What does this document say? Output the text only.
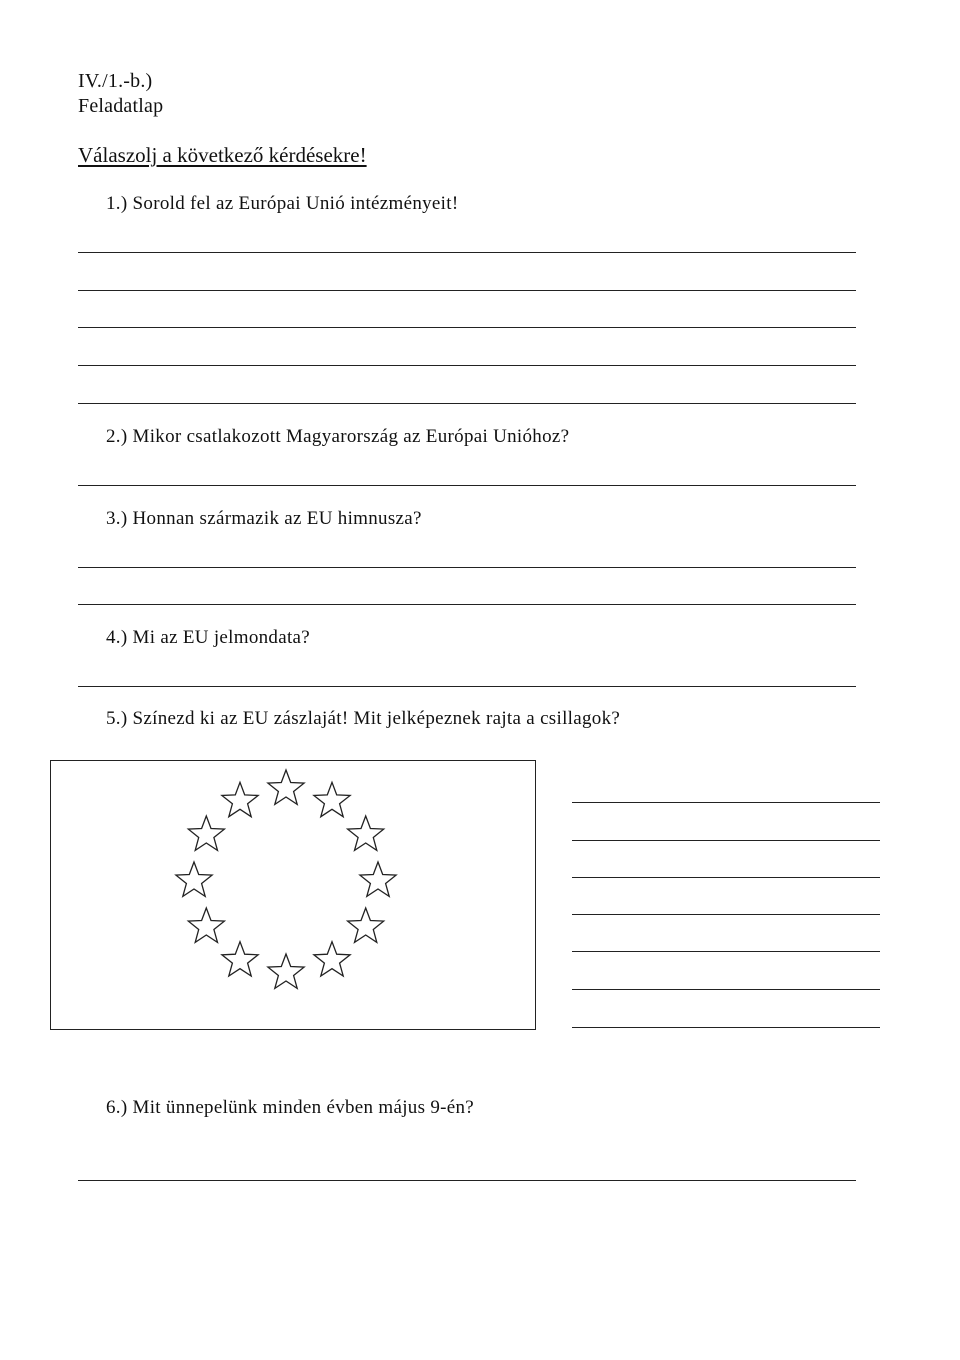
IV./1.-b.)
Feladatlap
Válaszolj a következő kérdésekre!
1.) Sorold fel az Európai Unió intézményeit!
2.) Mikor csatlakozott Magyarország az Európai Unióhoz?
3.) Honnan származik az EU himnusza?
4.) Mi az EU jelmondata?
5.) Színezd ki az EU zászlaját! Mit jelképeznek rajta a csillagok?
6.) Mit ünnepelünk minden évben május 9-én?
